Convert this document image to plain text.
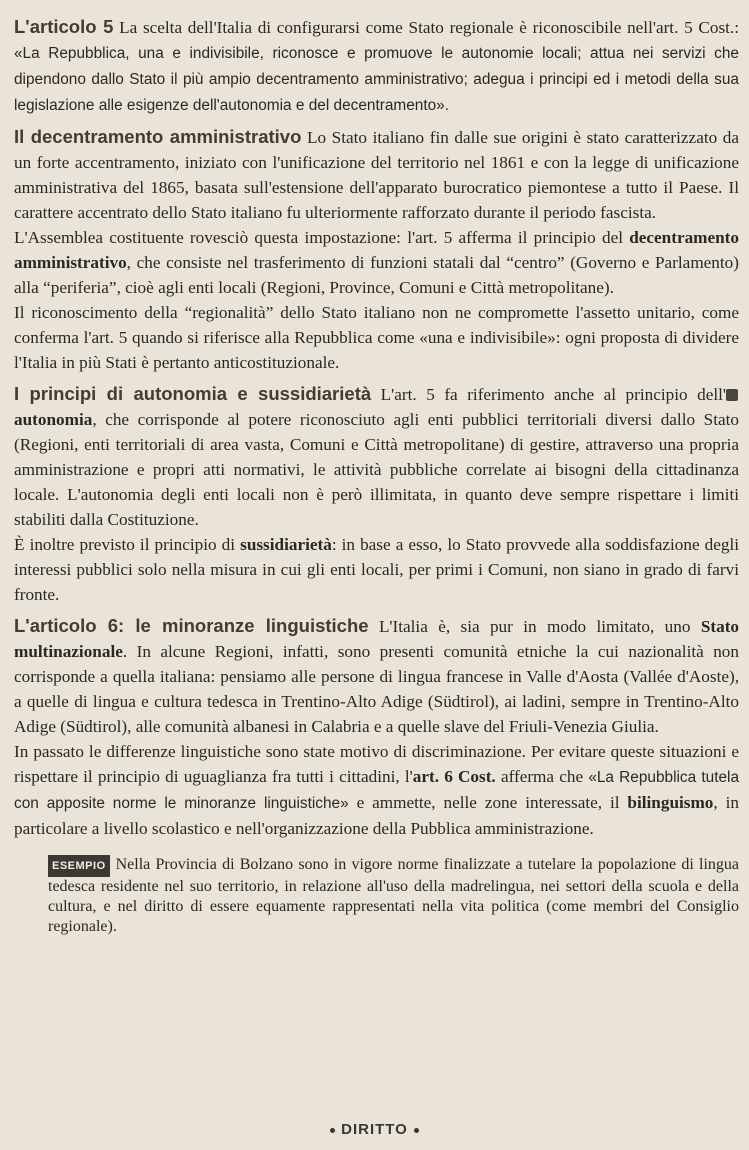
L'articolo 5 La scelta dell'Italia di configurarsi come Stato regionale è riconoscibile nell'art. 5 Cost.: «La Repubblica, una e indivisibile, riconosce e promuove le autonomie locali; attua nei servizi che dipendono dallo Stato il più ampio decentramento amministrativo; adegua i principi ed i metodi della sua legislazione alle esigenze dell'autonomia e del decentramento».

Il decentramento amministrativo Lo Stato italiano fin dalle sue origini è stato caratterizzato da un forte accentramento, iniziato con l'unificazione del territorio nel 1861 e con la legge di unificazione amministrativa del 1865, basata sull'estensione dell'apparato burocratico piemontese a tutto il Paese. Il carattere accentrato dello Stato italiano fu ulteriormente rafforzato durante il periodo fascista.

L'Assemblea costituente rovesciò questa impostazione: l'art. 5 afferma il principio del decentramento amministrativo, che consiste nel trasferimento di funzioni statali dal “centro” (Governo e Parlamento) alla “periferia”, cioè agli enti locali (Regioni, Province, Comuni e Città metropolitane).

Il riconoscimento della “regionalità” dello Stato italiano non ne compromette l'assetto unitario, come conferma l'art. 5 quando si riferisce alla Repubblica come «una e indivisibile»: ogni proposta di dividere l'Italia in più Stati è pertanto anticostituzionale.

I principi di autonomia e sussidiarietà L'art. 5 fa riferimento anche al principio dell'autonomia, che corrisponde al potere riconosciuto agli enti pubblici territoriali diversi dallo Stato (Regioni, enti territoriali di area vasta, Comuni e Città metropolitane) di gestire, attraverso una propria amministrazione e propri atti normativi, le attività pubbliche correlate ai bisogni della cittadinanza locale. L'autonomia degli enti locali non è però illimitata, in quanto deve sempre rispettare i limiti stabiliti dalla Costituzione.

È inoltre previsto il principio di sussidiarietà: in base a esso, lo Stato provvede alla soddisfazione degli interessi pubblici solo nella misura in cui gli enti locali, per primi i Comuni, non siano in grado di farvi fronte.

L'articolo 6: le minoranze linguistiche L'Italia è, sia pur in modo limitato, uno Stato multinazionale. In alcune Regioni, infatti, sono presenti comunità etniche la cui nazionalità non corrisponde a quella italiana: pensiamo alle persone di lingua francese in Valle d'Aosta (Vallée d'Aoste), a quelle di lingua e cultura tedesca in Trentino-Alto Adige (Südtirol), ai ladini, sempre in Trentino-Alto Adige (Südtirol), alle comunità albanesi in Calabria e a quelle slave del Friuli-Venezia Giulia.

In passato le differenze linguistiche sono state motivo di discriminazione. Per evitare queste situazioni e rispettare il principio di uguaglianza fra tutti i cittadini, l'art. 6 Cost. afferma che «La Repubblica tutela con apposite norme le minoranze linguistiche» e ammette, nelle zone interessate, il bilinguismo, in particolare a livello scolastico e nell'organizzazione della Pubblica amministrazione.

ESEMPIO Nella Provincia di Bolzano sono in vigore norme finalizzate a tutelare la popolazione di lingua tedesca residente nel suo territorio, in relazione all'uso della madrelingua, nei settori della scuola e della cultura, e nel diritto di essere equamente rappresentati nella vita politica (come membri del Consiglio regionale).

DIRITTO
